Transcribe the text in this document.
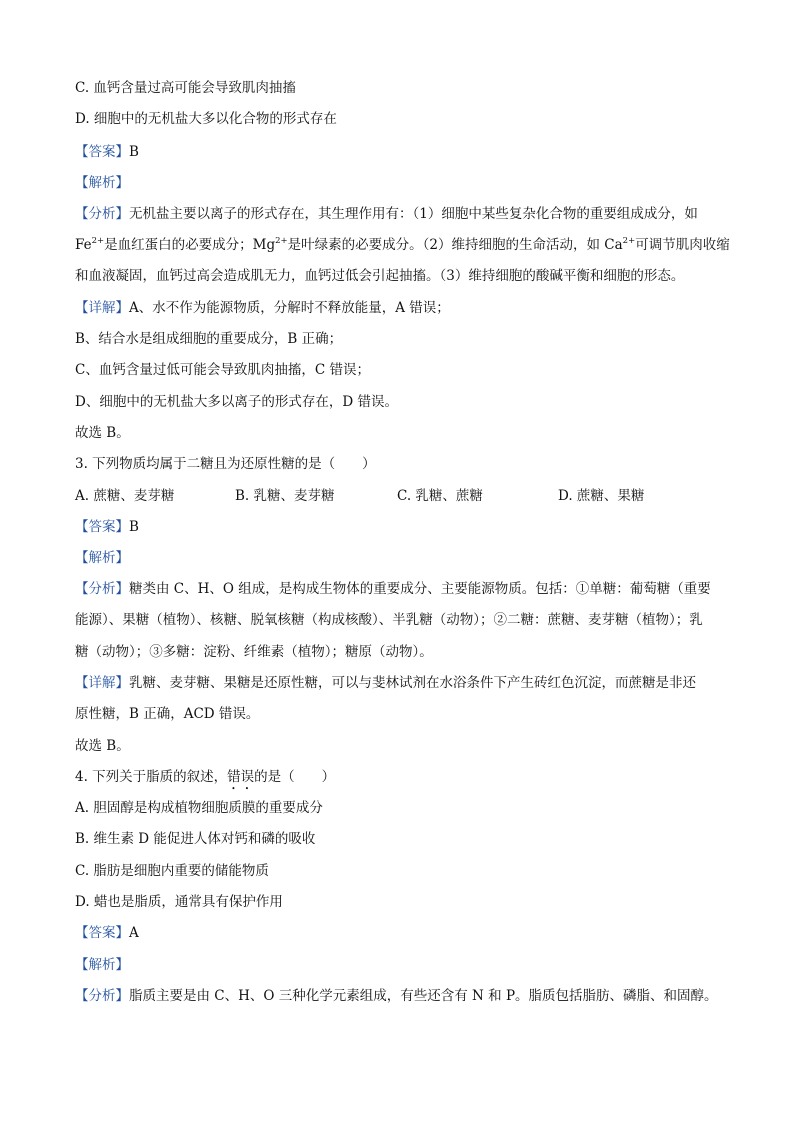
C. 血钙含量过高可能会导致肌肉抽搐
D. 细胞中的无机盐大多以化合物的形式存在
【答案】B
【解析】
【分析】无机盐主要以离子的形式存在，其生理作用有：（1）细胞中某些复杂化合物的重要组成成分，如
$Fe^{2+}$是血红蛋白的必要成分；$Mg^{2+}$是叶绿素的必要成分。（2）维持细胞的生命活动，如 $Ca^{2+}$可调节肌肉收缩
和血液凝固，血钙过高会造成肌无力，血钙过低会引起抽搐。（3）维持细胞的酸碱平衡和细胞的形态。
【详解】A、水不作为能源物质，分解时不释放能量，A 错误；
B、结合水是组成细胞的重要成分，B 正确；
C、血钙含量过低可能会导致肌肉抽搐，C 错误；
D、细胞中的无机盐大多以离子的形式存在，D 错误。
故选 B。
3. 下列物质均属于二糖且为还原性糖的是（　　）
A. 蔗糖、麦芽糖	B. 乳糖、麦芽糖	C. 乳糖、蔗糖	D. 蔗糖、果糖
【答案】B
【解析】
【分析】糖类由 C、H、O 组成，是构成生物体的重要成分、主要能源物质。包括：①单糖：葡萄糖（重要
能源）、果糖（植物）、核糖、脱氧核糖（构成核酸）、半乳糖（动物）；②二糖：蔗糖、麦芽糖（植物）；乳
糖（动物）；③多糖：淀粉、纤维素（植物）；糖原（动物）。
【详解】乳糖、麦芽糖、果糖是还原性糖，可以与斐林试剂在水浴条件下产生砖红色沉淀，而蔗糖是非还
原性糖，B 正确，ACD 错误。
故选 B。
4. 下列关于脂质的叙述，错误的是（　　）
A. 胆固醇是构成植物细胞质膜的重要成分
B. 维生素 D 能促进人体对钙和磷的吸收
C. 脂肪是细胞内重要的储能物质
D. 蜡也是脂质，通常具有保护作用
【答案】A
【解析】
【分析】脂质主要是由 C、H、O 三种化学元素组成，有些还含有 N 和 P。脂质包括脂肪、磷脂、和固醇。
